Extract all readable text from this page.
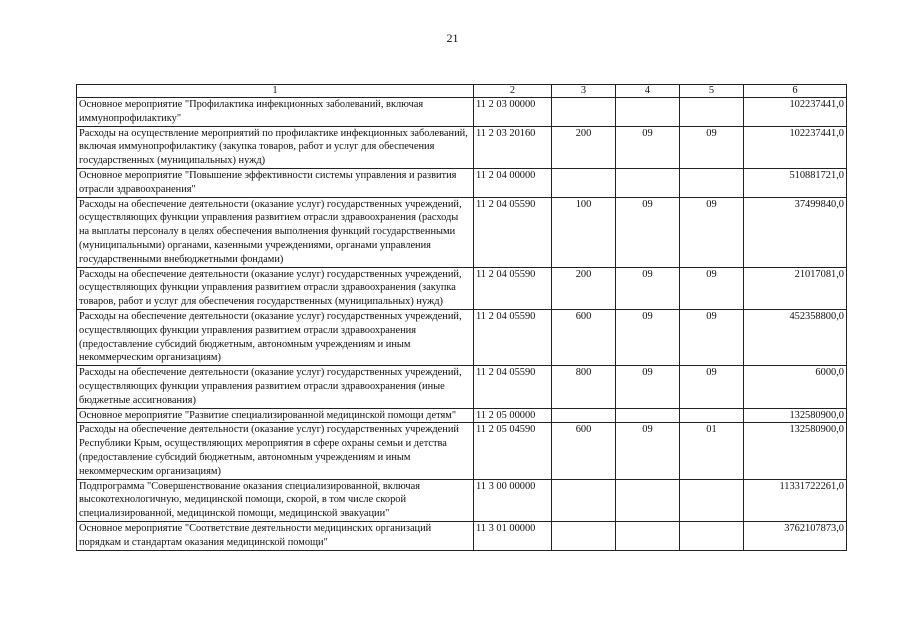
21
1	2	3	4	5	6
Основное мероприятие "Профилактика инфекционных заболеваний, включая иммунопрофилактику"	11 2 03 00000				102237441,0
Расходы на осуществление мероприятий по профилактике инфекционных заболеваний, включая иммунопрофилактику (закупка товаров, работ и услуг для обеспечения государственных (муниципальных) нужд)	11 2 03 20160	200	09	09	102237441,0
Основное мероприятие "Повышение эффективности системы управления и развития отрасли здравоохранения"	11 2 04 00000				510881721,0
Расходы на обеспечение деятельности (оказание услуг) государственных учреждений, осуществляющих функции управления развитием отрасли здравоохранения (расходы на выплаты персоналу в целях обеспечения выполнения функций государственными (муниципальными) органами, казенными учреждениями, органами управления государственными внебюджетными фондами)	11 2 04 05590	100	09	09	37499840,0
Расходы на обеспечение деятельности (оказание услуг) государственных учреждений, осуществляющих функции управления развитием отрасли здравоохранения (закупка товаров, работ и услуг для обеспечения государственных (муниципальных) нужд)	11 2 04 05590	200	09	09	21017081,0
Расходы на обеспечение деятельности (оказание услуг) государственных учреждений, осуществляющих функции управления развитием отрасли здравоохранения (предоставление субсидий бюджетным, автономным учреждениям и иным некоммерческим организациям)	11 2 04 05590	600	09	09	452358800,0
Расходы на обеспечение деятельности (оказание услуг) государственных учреждений, осуществляющих функции управления развитием отрасли здравоохранения (иные бюджетные ассигнования)	11 2 04 05590	800	09	09	6000,0
Основное мероприятие "Развитие специализированной медицинской помощи детям"	11 2 05 00000				132580900,0
Расходы на обеспечение деятельности (оказание услуг) государственных учреждений Республики Крым, осуществляющих мероприятия в сфере охраны семьи и детства (предоставление субсидий бюджетным, автономным учреждениям и иным некоммерческим организациям)	11 2 05 04590	600	09	01	132580900,0
Подпрограмма "Совершенствование оказания специализированной, включая высокотехнологичную, медицинской помощи, скорой, в том числе скорой специализированной, медицинской помощи, медицинской эвакуации"	11 3 00 00000				11331722261,0
Основное мероприятие "Соответствие деятельности медицинских организаций порядкам и стандартам оказания медицинской помощи"	11 3 01 00000				3762107873,0
